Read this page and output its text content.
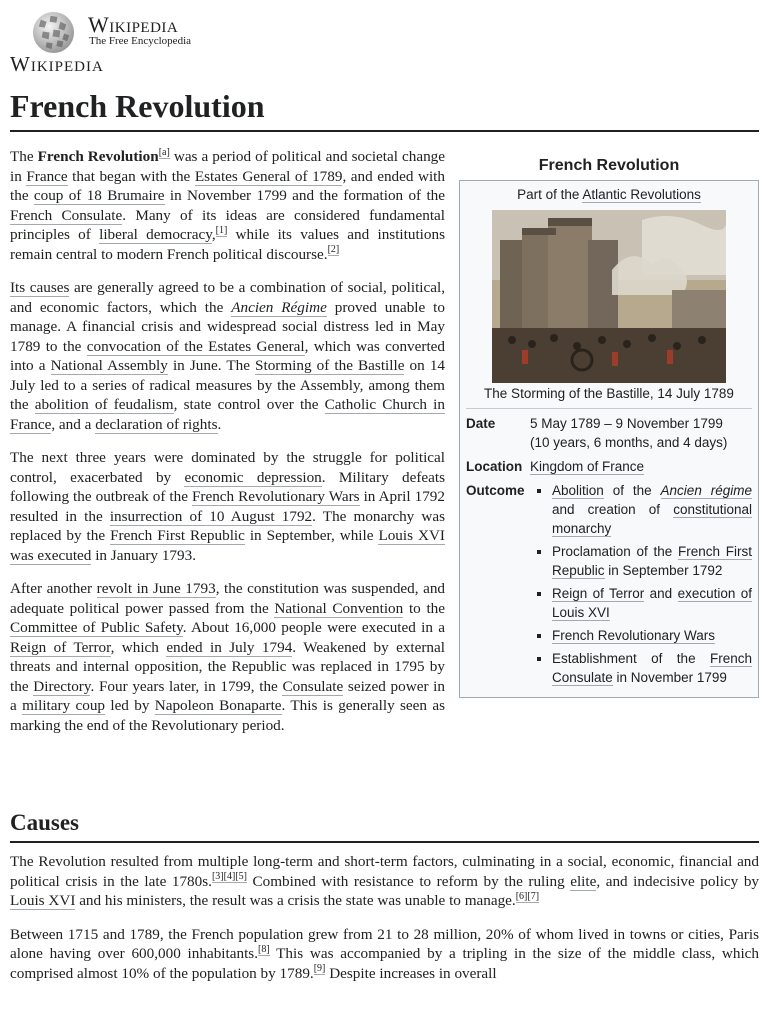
Wikipedia
The Free Encyclopedia
Wikipedia
French Revolution
French Revolution
Part of the Atlantic Revolutions
The Storming of the Bastille, 14 July 1789
Date	5 May 1789 – 9 November 1799
(10 years, 6 months, and 4 days)
Location Kingdom of France
Outcome
▪	Abolition of the Ancien régime and creation of constitutional monarchy
▪ Proclamation of the French First Republic in September 1792
▪ Reign of Terror and execution of Louis XVI
▪ French Revolutionary Wars
▪ Establishment of the French Consulate in November 1799

The French Revolution[a] was a period of political and societal change in France that began with the Estates General of 1789, and ended with the coup of 18 Brumaire in November 1799 and the formation of the French Consulate. Many of its ideas are considered fundamental principles of liberal democracy,[1] while its values and institutions remain central to modern French political discourse.[2]

Its causes are generally agreed to be a combination of social, political, and economic factors, which the Ancien Régime proved unable to manage. A financial crisis and widespread social distress led in May 1789 to the convocation of the Estates General, which was converted into a National Assembly in June. The Storming of the Bastille on 14 July led to a series of radical measures by the Assembly, among them the abolition of feudalism, state control over the Catholic Church in France, and a declaration of rights.

The next three years were dominated by the struggle for political control, exacerbated by economic depression. Military defeats following the outbreak of the French Revolutionary Wars in April 1792 resulted in the insurrection of 10 August 1792. The monarchy was replaced by the French First Republic in September, while Louis XVI was executed in January 1793.

After another revolt in June 1793, the constitution was suspended, and adequate political power passed from the National Convention to the Committee of Public Safety. About 16,000 people were executed in a Reign of Terror, which ended in July 1794. Weakened by external threats and internal opposition, the Republic was replaced in 1795 by the Directory. Four years later, in 1799, the Consulate seized power in a military coup led by Napoleon Bonaparte. This is generally seen as marking the end of the Revolutionary period.

Causes

The Revolution resulted from multiple long-term and short-term factors, culminating in a social, economic, financial and political crisis in the late 1780s.[3][4][5] Combined with resistance to reform by the ruling elite, and indecisive policy by Louis XVI and his ministers, the result was a crisis the state was unable to manage.[6][7]

Between 1715 and 1789, the French population grew from 21 to 28 million, 20% of whom lived in towns or cities, Paris alone having over 600,000 inhabitants.[8] This was accompanied by a tripling in the size of the middle class, which comprised almost 10% of the population by 1789.[9] Despite increases in overall
